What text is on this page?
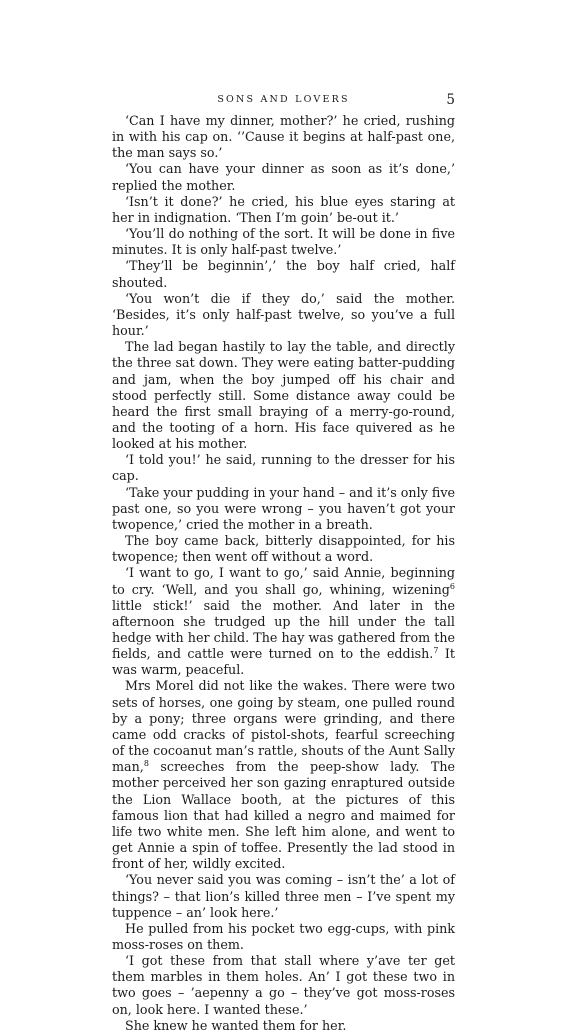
SONS AND LOVERS	5

‘Can I have my dinner, mother?’ he cried, rushing in with his cap on. ‘’Cause it begins at half-past one, the man says so.’

‘You can have your dinner as soon as it’s done,’ replied the mother.

‘Isn’t it done?’ he cried, his blue eyes staring at her in indignation. ‘Then I’m goin’ be-out it.’

‘You’ll do nothing of the sort. It will be done in five minutes. It is only half-past twelve.’

‘They’ll be beginnin’,’ the boy half cried, half shouted.

‘You won’t die if they do,’ said the mother. ‘Besides, it’s only half-past twelve, so you’ve a full hour.’

The lad began hastily to lay the table, and directly the three sat down. They were eating batter-pudding and jam, when the boy jumped off his chair and stood perfectly still. Some distance away could be heard the first small braying of a merry-go-round, and the tooting of a horn. His face quivered as he looked at his mother.

‘I told you!’ he said, running to the dresser for his cap.

‘Take your pudding in your hand – and it’s only five past one, so you were wrong – you haven’t got your twopence,’ cried the mother in a breath.

The boy came back, bitterly disappointed, for his twopence; then went off without a word.

‘I want to go, I want to go,’ said Annie, beginning to cry. ‘Well, and you shall go, whining, wizening$^6$ little stick!’ said the mother. And later in the afternoon she trudged up the hill under the tall hedge with her child. The hay was gathered from the fields, and cattle were turned on to the eddish.$^7$ It was warm, peaceful.

Mrs Morel did not like the wakes. There were two sets of horses, one going by steam, one pulled round by a pony; three organs were grinding, and there came odd cracks of pistol-shots, fearful screeching of the cocoanut man’s rattle, shouts of the Aunt Sally man,$^8$ screeches from the peep-show lady. The mother perceived her son gazing enraptured outside the Lion Wallace booth, at the pictures of this famous lion that had killed a negro and maimed for life two white men. She left him alone, and went to get Annie a spin of toffee. Presently the lad stood in front of her, wildly excited.

‘You never said you was coming – isn’t the’ a lot of things? – that lion’s killed three men – I’ve spent my tuppence – an’ look here.’

He pulled from his pocket two egg-cups, with pink moss-roses on them.

‘I got these from that stall where y’ave ter get them marbles in them holes. An’ I got these two in two goes – ’aepenny a go – they’ve got moss-roses on, look here. I wanted these.’

She knew he wanted them for her.
